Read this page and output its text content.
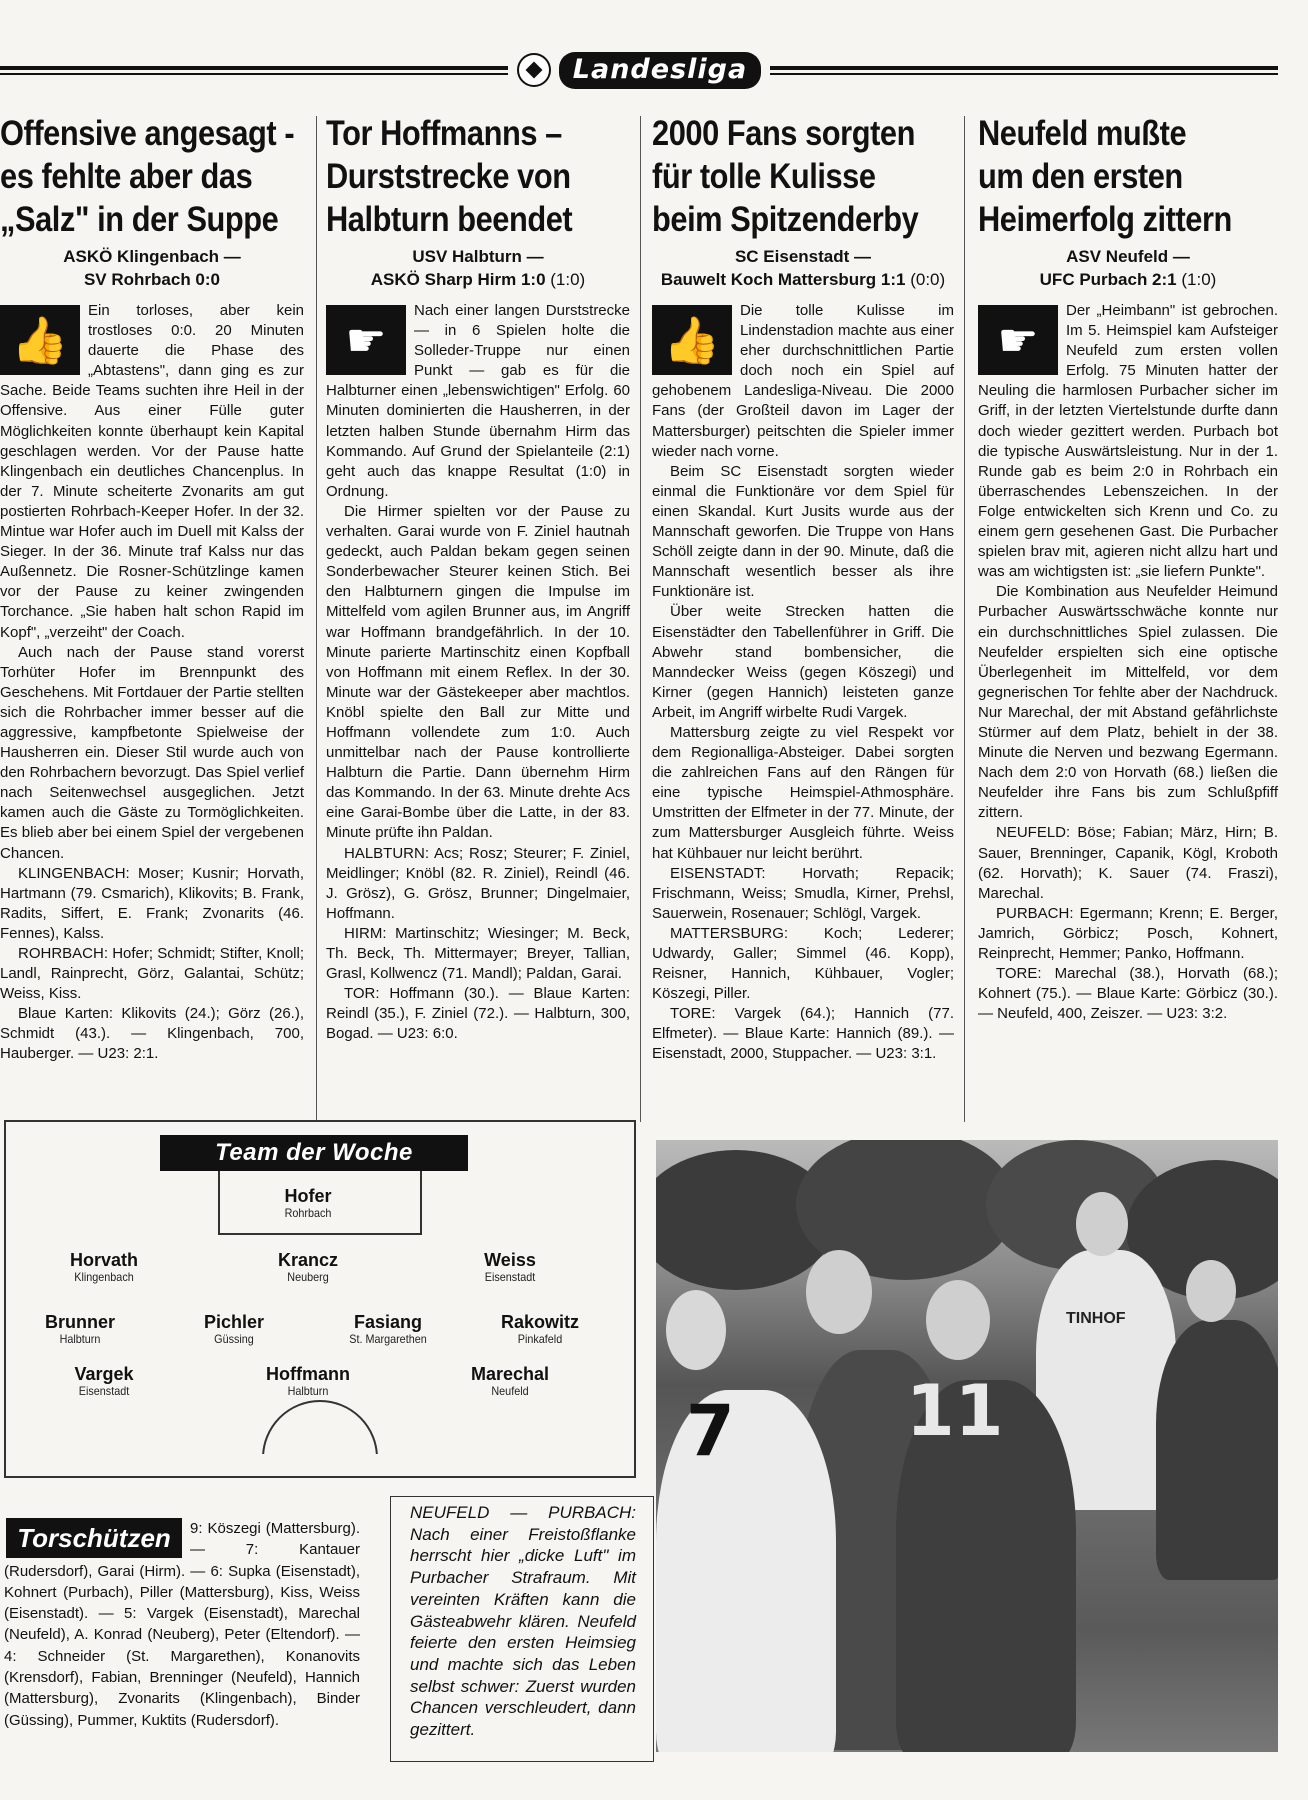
Landesliga
Offensive angesagt -
es fehlte aber das
„Salz" in der Suppe
ASKÖ Klingenbach —
SV Rohrbach 0:0
👍

Ein torloses, aber kein trostloses 0:0. 20 Minuten dauerte die Phase des „Abtastens", dann ging es zur Sache. Beide Teams suchten ihre Heil in der Offensive. Aus einer Fülle guter Möglichkeiten konnte überhaupt kein Kapital geschlagen werden. Vor der Pause hatte Klingenbach ein deutliches Chancenplus. In der 7. Minute scheiterte Zvonarits am gut postierten Rohrbach-Keeper Hofer. In der 32. Mintue war Hofer auch im Duell mit Kalss der Sieger. In der 36. Minute traf Kalss nur das Außennetz. Die Rosner-Schützlinge kamen vor der Pause zu keiner zwingenden Torchance. „Sie haben halt schon Rapid im Kopf", „verzeiht" der Coach.

Auch nach der Pause stand vorerst Torhüter Hofer im Brennpunkt des Geschehens. Mit Fortdauer der Partie stellten sich die Rohrbacher immer besser auf die aggressive, kampfbetonte Spielweise der Hausherren ein. Dieser Stil wurde auch von den Rohrbachern bevorzugt. Das Spiel verlief nach Seitenwechsel ausgeglichen. Jetzt kamen auch die Gäste zu Tormöglichkeiten. Es blieb aber bei einem Spiel der vergebenen Chancen.

KLINGENBACH: Moser; Kusnir; Horvath, Hartmann (79. Csmarich), Klikovits; B. Frank, Radits, Siffert, E. Frank; Zvonarits (46. Fennes), Kalss.

ROHRBACH: Hofer; Schmidt; Stifter, Knoll; Landl, Rainprecht, Görz, Galantai, Schütz; Weiss, Kiss.

Blaue Karten: Klikovits (24.); Görz (26.), Schmidt (43.). — Klingenbach, 700, Hauberger. — U23: 2:1.

Tor Hoffmanns –
Durststrecke von
Halbturn beendet
USV Halbturn —
ASKÖ Sharp Hirm 1:0 (1:0)
☛

Nach einer langen Durststrecke — in 6 Spielen holte die Solleder-Truppe nur einen Punkt — gab es für die Halbturner einen „lebenswichtigen" Erfolg. 60 Minuten dominierten die Hausherren, in der letzten halben Stunde übernahm Hirm das Kommando. Auf Grund der Spielanteile (2:1) geht auch das knappe Resultat (1:0) in Ordnung.

Die Hirmer spielten vor der Pause zu verhalten. Garai wurde von F. Ziniel hautnah gedeckt, auch Paldan bekam gegen seinen Sonderbewacher Steurer keinen Stich. Bei den Halbturnern gingen die Impulse im Mittelfeld vom agilen Brunner aus, im Angriff war Hoffmann brandgefährlich. In der 10. Minute parierte Martinschitz einen Kopfball von Hoffmann mit einem Reflex. In der 30. Minute war der Gästekeeper aber machtlos. Knöbl spielte den Ball zur Mitte und Hoffmann vollendete zum 1:0. Auch unmittelbar nach der Pause kontrollierte Halbturn die Partie. Dann übernehm Hirm das Kommando. In der 63. Minute drehte Acs eine Garai-Bombe über die Latte, in der 83. Minute prüfte ihn Paldan.

HALBTURN: Acs; Rosz; Steurer; F. Ziniel, Meidlinger; Knöbl (82. R. Ziniel), Reindl (46. J. Grösz), G. Grösz, Brunner; Dingelmaier, Hoffmann.

HIRM: Martinschitz; Wiesinger; M. Beck, Th. Beck, Th. Mittermayer; Breyer, Tallian, Grasl, Kollwencz (71. Mandl); Paldan, Garai.

TOR: Hoffmann (30.). — Blaue Karten: Reindl (35.), F. Ziniel (72.). — Halbturn, 300, Bogad. — U23: 6:0.

2000 Fans sorgten
für tolle Kulisse
beim Spitzenderby
SC Eisenstadt —
Bauwelt Koch Mattersburg 1:1 (0:0)
👍

Die tolle Kulisse im Lindenstadion machte aus einer eher durchschnittlichen Partie doch noch ein Spiel auf gehobenem Landesliga-Niveau. Die 2000 Fans (der Großteil davon im Lager der Mattersburger) peitschten die Spieler immer wieder nach vorne.

Beim SC Eisenstadt sorgten wieder einmal die Funktionäre vor dem Spiel für einen Skandal. Kurt Jusits wurde aus der Mannschaft geworfen. Die Truppe von Hans Schöll zeigte dann in der 90. Minute, daß die Mannschaft wesentlich besser als ihre Funktionäre ist.

Über weite Strecken hatten die Eisenstädter den Tabellenführer in Griff. Die Abwehr stand bombensicher, die Manndecker Weiss (gegen Köszegi) und Kirner (gegen Hannich) leisteten ganze Arbeit, im Angriff wirbelte Rudi Vargek.

Mattersburg zeigte zu viel Respekt vor dem Regionalliga-Absteiger. Dabei sorgten die zahlreichen Fans auf den Rängen für eine typische Heimspiel-Athmosphäre. Umstritten der Elfmeter in der 77. Minute, der zum Mattersburger Ausgleich führte. Weiss hat Kühbauer nur leicht berührt.

EISENSTADT: Horvath; Repacik; Frischmann, Weiss; Smudla, Kirner, Prehsl, Sauerwein, Rosenauer; Schlögl, Vargek.

MATTERSBURG: Koch; Lederer; Udwardy, Galler; Simmel (46. Kopp), Reisner, Hannich, Kühbauer, Vogler; Köszegi, Piller.

TORE: Vargek (64.); Hannich (77. Elfmeter). — Blaue Karte: Hannich (89.). — Eisenstadt, 2000, Stuppacher. — U23: 3:1.

Neufeld mußte
um den ersten
Heimerfolg zittern
ASV Neufeld —
UFC Purbach 2:1 (1:0)
☛

Der „Heimbann" ist gebrochen. Im 5. Heimspiel kam Aufsteiger Neufeld zum ersten vollen Erfolg. 75 Minuten hatter der Neuling die harmlosen Purbacher sicher im Griff, in der letzten Viertelstunde durfte dann doch wieder gezittert werden. Purbach bot die typische Auswärtsleistung. Nur in der 1. Runde gab es beim 2:0 in Rohrbach ein überraschendes Lebenszeichen. In der Folge entwickelten sich Krenn und Co. zu einem gern gesehenen Gast. Die Purbacher spielen brav mit, agieren nicht allzu hart und was am wichtigsten ist: „sie liefern Punkte".

Die Kombination aus Neufelder Heimund Purbacher Auswärtsschwäche konnte nur ein durchschnittliches Spiel zulassen. Die Neufelder erspielten sich eine optische Überlegenheit im Mittelfeld, vor dem gegnerischen Tor fehlte aber der Nachdruck. Nur Marechal, der mit Abstand gefährlichste Stürmer auf dem Platz, behielt in der 38. Minute die Nerven und bezwang Egermann. Nach dem 2:0 von Horvath (68.) ließen die Neufelder ihre Fans bis zum Schlußpfiff zittern.

NEUFELD: Böse; Fabian; März, Hirn; B. Sauer, Brenninger, Capanik, Kögl, Kroboth (62. Horvath); K. Sauer (74. Fraszi), Marechal.

PURBACH: Egermann; Krenn; E. Berger, Jamrich, Görbicz; Posch, Kohnert, Reinprecht, Hemmer; Panko, Hoffmann.

TORE: Marechal (38.), Horvath (68.); Kohnert (75.). — Blaue Karte: Görbicz (30.). — Neufeld, 400, Zeiszer. — U23: 3:2.

Team der Woche
Hofer
Rohrbach
Horvath
Klingenbach
Krancz
Neuberg
Weiss
Eisenstadt
Brunner
Halbturn
Pichler
Güssing
Fasiang
St. Margarethen
Rakowitz
Pinkafeld
Vargek
Eisenstadt
Hoffmann
Halbturn
Marechal
Neufeld
9: Köszegi (Mattersburg). — 7: Kantauer (Rudersdorf), Garai (Hirm). — 6: Supka (Eisenstadt), Kohnert (Purbach), Piller (Mattersburg), Kiss, Weiss (Eisenstadt). — 5: Vargek (Eisenstadt), Marechal (Neufeld), A. Konrad (Neuberg), Peter (Eltendorf). — 4: Schneider (St. Margarethen), Konanovits (Krensdorf), Fabian, Brenninger (Neufeld), Hannich (Mattersburg), Zvonarits (Klingenbach), Binder (Güssing), Pummer, Kuktits (Rudersdorf).
Torschützen
NEUFELD — PURBACH: Nach einer Freistoßflanke herrscht hier „dicke Luft" im Purbacher Strafraum. Mit vereinten Kräften kann die Gästeabwehr klären. Neufeld feierte den ersten Heimsieg und machte sich das Leben selbst schwer: Zuerst wurden Chancen verschleudert, dann gezittert.
7 11
TINHOF
